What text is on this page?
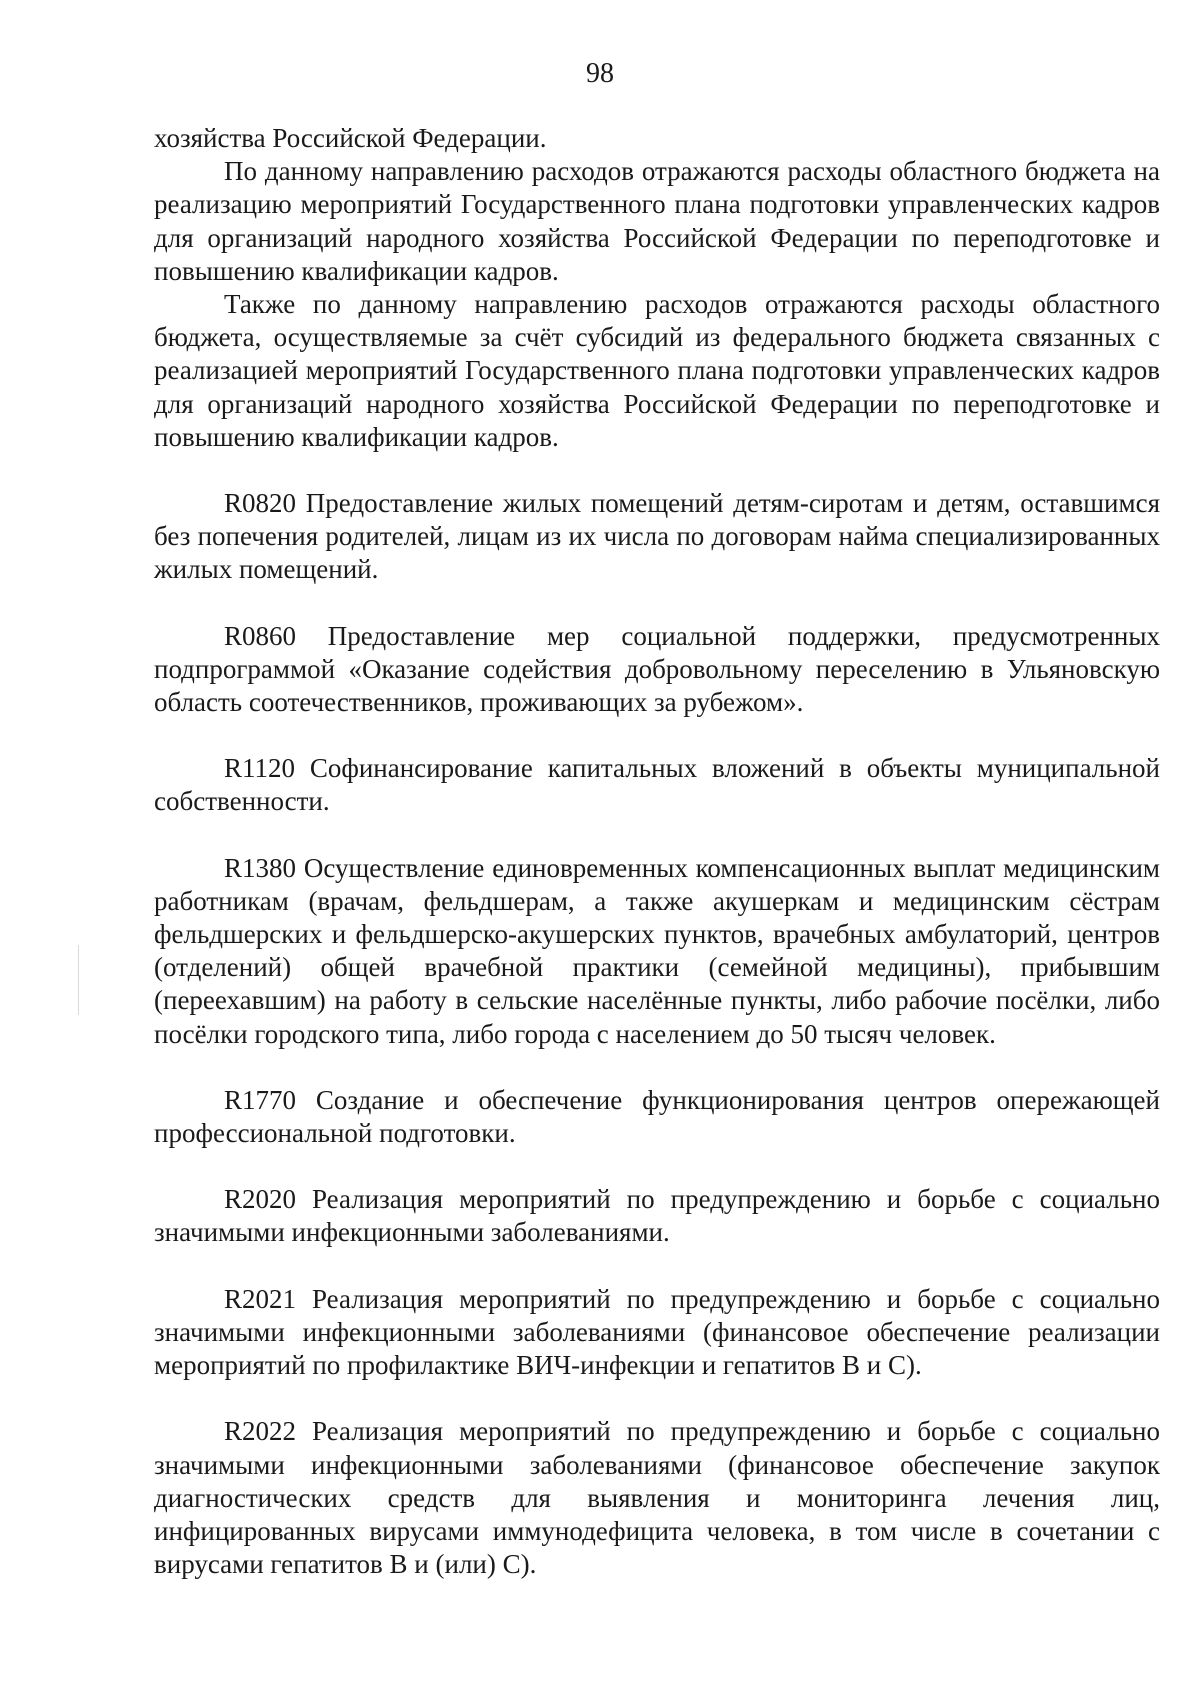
98

хозяйства Российской Федерации.

По данному направлению расходов отражаются расходы областного бюджета на реализацию мероприятий Государственного плана подготовки управленческих кадров для организаций народного хозяйства Российской Федерации по переподготовке и повышению квалификации кадров.

Также по данному направлению расходов отражаются расходы областного бюджета, осуществляемые за счёт субсидий из федерального бюджета связанных с реализацией мероприятий Государственного плана подготовки управленческих кадров для организаций народного хозяйства Российской Федерации по переподготовке и повышению квалификации кадров.

R0820 Предоставление жилых помещений детям-сиротам и детям, оставшимся без попечения родителей, лицам из их числа по договорам найма специализированных жилых помещений.

R0860 Предоставление мер социальной поддержки, предусмотренных подпрограммой «Оказание содействия добровольному переселению в Ульяновскую область соотечественников, проживающих за рубежом».

R1120 Софинансирование капитальных вложений в объекты муниципальной собственности.

R1380 Осуществление единовременных компенсационных выплат медицинским работникам (врачам, фельдшерам, а также акушеркам и медицинским сёстрам фельдшерских и фельдшерско-акушерских пунктов, врачебных амбулаторий, центров (отделений) общей врачебной практики (семейной медицины), прибывшим (переехавшим) на работу в сельские населённые пункты, либо рабочие посёлки, либо посёлки городского типа, либо города с населением до 50 тысяч человек.

R1770 Создание и обеспечение функционирования центров опережающей профессиональной подготовки.

R2020 Реализация мероприятий по предупреждению и борьбе с социально значимыми инфекционными заболеваниями.

R2021 Реализация мероприятий по предупреждению и борьбе с социально значимыми инфекционными заболеваниями (финансовое обеспечение реализации мероприятий по профилактике ВИЧ-инфекции и гепатитов B и C).

R2022 Реализация мероприятий по предупреждению и борьбе с социально значимыми инфекционными заболеваниями (финансовое обеспечение закупок диагностических средств для выявления и мониторинга лечения лиц, инфицированных вирусами иммунодефицита человека, в том числе в сочетании с вирусами гепатитов B и (или) C).
